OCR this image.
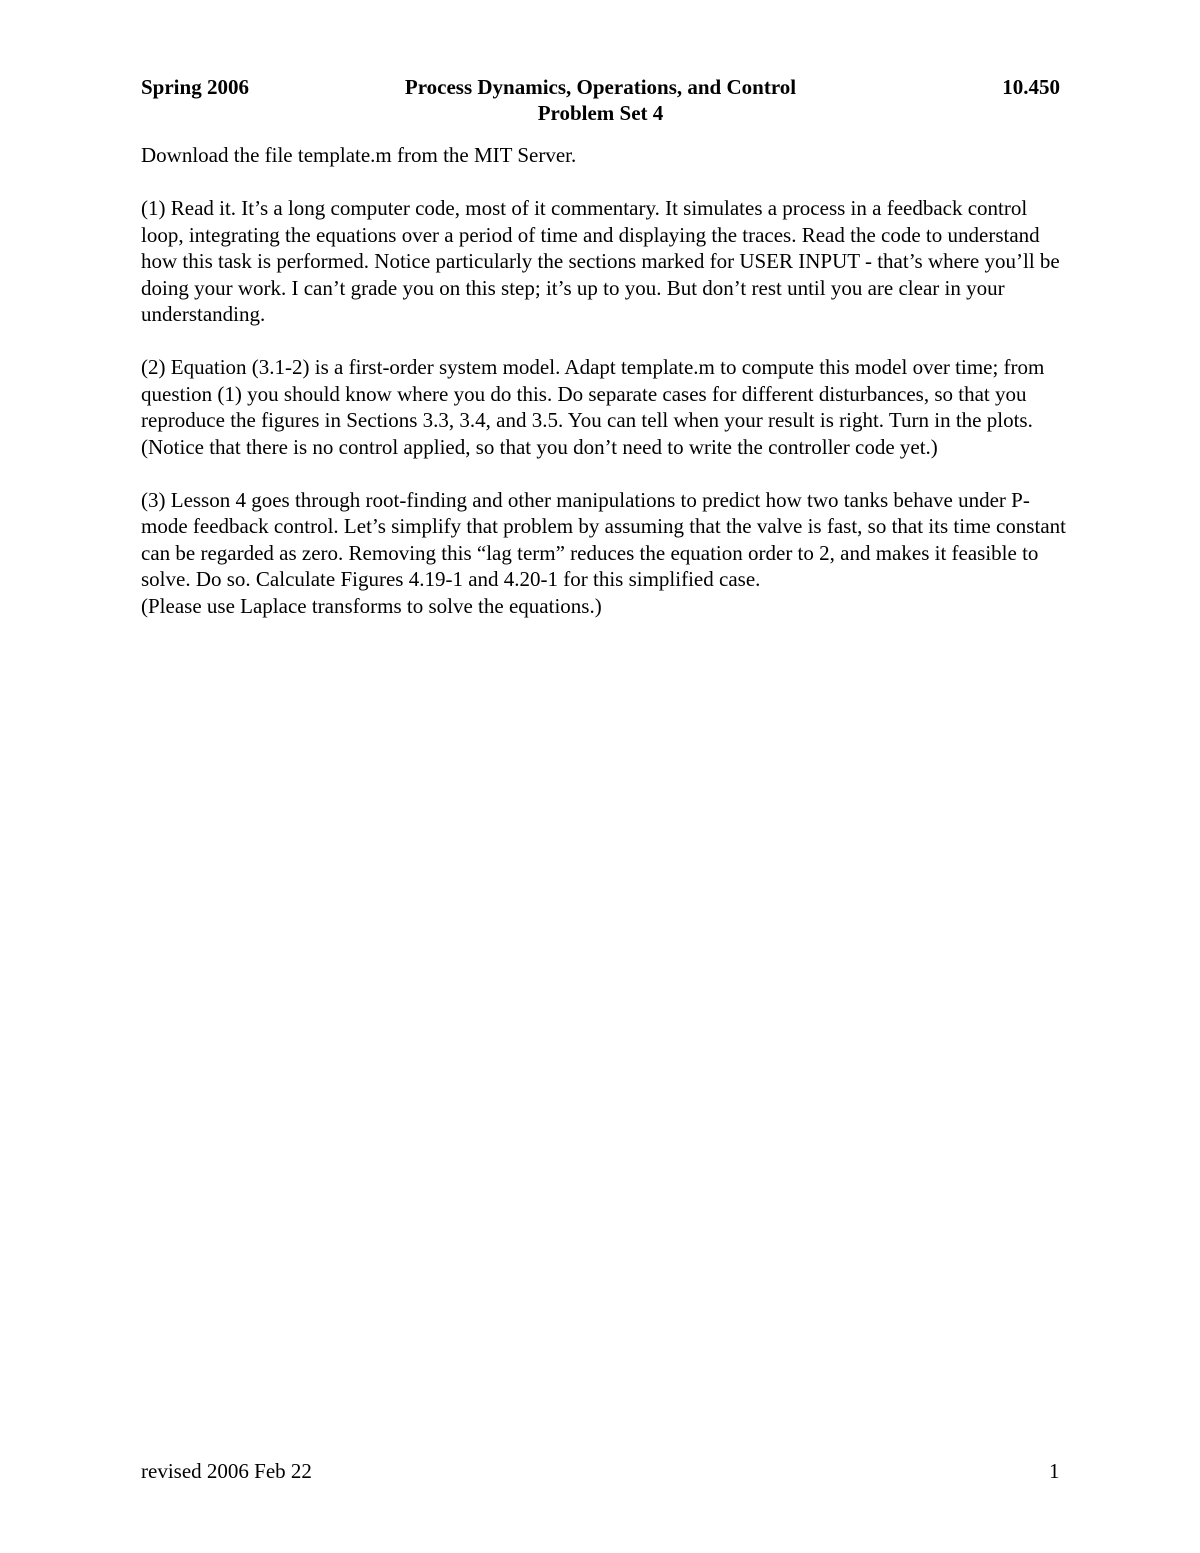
Spring 2006	Process Dynamics, Operations, and Control	10.450
Problem Set 4

Download the file template.m from the MIT Server.

(1) Read it. It’s a long computer code, most of it commentary. It simulates a process in a feedback control loop, integrating the equations over a period of time and displaying the traces. Read the code to understand how this task is performed. Notice particularly the sections marked for USER INPUT - that’s where you’ll be doing your work. I can’t grade you on this step; it’s up to you. But don’t rest until you are clear in your understanding.

(2) Equation (3.1-2) is a first-order system model. Adapt template.m to compute this model over time; from question (1) you should know where you do this. Do separate cases for different disturbances, so that you reproduce the figures in Sections 3.3, 3.4, and 3.5. You can tell when your result is right. Turn in the plots.

(Notice that there is no control applied, so that you don’t need to write the controller code yet.)

(3) Lesson 4 goes through root-finding and other manipulations to predict how two tanks behave under P-mode feedback control. Let’s simplify that problem by assuming that the valve is fast, so that its time constant can be regarded as zero. Removing this “lag term” reduces the equation order to 2, and makes it feasible to solve. Do so. Calculate Figures 4.19-1 and 4.20-1 for this simplified case.
(Please use Laplace transforms to solve the equations.)
revised 2006 Feb 22	1
